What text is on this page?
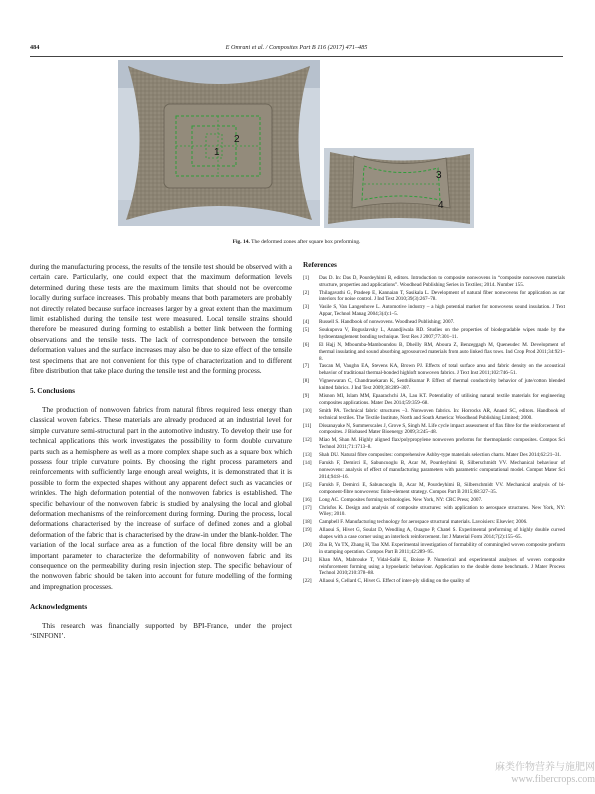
484	E Omrani et al. / Composites Part B 116 (2017) 471–485
1
2
3
4
Fig. 14. The deformed zones after square box preforming.

during the manufacturing process, the results of the tensile test should be observed with a certain care. Particularly, one could expect that the maximum deformation levels determined during these tests are the maximum limits that should not be overcome locally during surface increases. This probably means that both parameters are probably not directly related because surface increases larger by a great extent than the maximum limit established during the tensile test were measured. Local tensile strains should therefore be measured during forming to establish a better link between the forming observations and the tensile tests. The lack of correspondence between the tensile deformation values and the surface increases may also be due to size effect of the tensile test specimens that are not convenient for this type of characterization and to different fibre distribution that take place during the tensile test and the forming process.

5. Conclusions

The production of nonwoven fabrics from natural fibres required less energy than classical woven fabrics. These materials are already produced at an industrial level for simple curvature semi-structural part in the automotive industry. To develop their use for technical applications this work investigates the possibility to form double curvature parts such as a hemisphere as well as a more complex shape such as a square box which possess four triple curvature points. By choosing the right process parameters and reinforcements with sufficiently large enough areal weights, it is demonstrated that it is possible to form the expected shapes without any apparent defect such as vacancies or wrinkles. The high deformation potential of the nonwoven fabrics is established. The specific behaviour of the nonwoven fabric is studied by analysing the local and global deformation mechanisms of the reinforcement during forming. During the process, local deformations characterised by the increase of surface of defined zones and a global deformation of the fabric that is characterised by the draw-in under the blank-holder. The variation of the local surface area as a function of the local fibre density will be an important parameter to characterize the deformability of nonwoven fabric and its consequence on the permeability during resin injection step. The specific behaviour of the nonwoven fabric should be taken into account for future modelling of the forming and impregnation processes.

Acknowledgments

This research was financially supported by BPI-France, under the project ‘SINFONI’.

References

[1] Das D. In: Das D, Pourdeyhimi B, editors. Introduction to composite nonwovens in “composite nonwoven materials structure, properties and applications”. Woodhead Publishing Series in Textiles; 2014. Number 155.

[2] Thilagavathi G, Pradeep E, Kannaian T, Sasikala L. Development of natural fiber nonwovens for application as car interiors for noise control. J Ind Text 2010;39(3):267–78.

[3] Vasile S, Van Langenhove L. Automotive industry – a high potential market for nonwovens sound insulation. J Text Appar, Technol Manag 2004;3(4):1–5.

[4] Russell S. Handbook of nonwovens. Woodhead Publishing; 2007.

[5] Soukupova V, Boguslavsky L, Anandjiwala RD. Studies on the properties of biodegradable wipes made by the hydroentanglement bonding technique. Text Res J 2007;77:301–11.

[6] El Hajj N, Mboumba-Mamboundou B, Dheilly RM, Aboura Z, Benzeggagh M, Queneudec M. Development of thermal insulating and sound absorbing agrosourced materials from auto linked flax tows. Ind Crop Prod 2011;34:921–8.

[7] Tascan M, Vaughn EA, Stevens KA, Brown PJ. Effects of total surface area and fabric density on the acoustical behavior of traditional thermal-bonded highloft nonwoven fabrics. J Text Inst 2011;102:746–51.

[8] Vigneswaran C, Chandrasekaran K, Senthilkumar P. Effect of thermal conductivity behavior of jute/cotton blended knitted fabrics. J Ind Text 2009;38:289–307.

[9] Misnon MI, Islam MM, Epaarachchi JA, Lau KT. Potentiality of utilising natural textile materials for engineering composites applications. Mater Des 2014;59:359–68.

[10] Smith PA. Technical fabric structures –3. Nonwoven fabrics. In: Horrocks AR, Anand SC, editors. Handbook of technical textiles. The Textile Institute, North and South America: Woodhead Publishing Limited; 2000.

[11] Dissanayake N, Summerscales J, Grove S, Singh M. Life cycle impact assessment of flax fibre for the reinforcement of composites. J Biobased Mater Bioenergy 2009;3:245–48.

[12] Miao M, Shan M. Highly aligned flax/polypropylene nonwoven preforms for thermoplastic composites. Compos Sci Technol 2011;71:1713–8.

[13] Shah DU. Natural fibre composites: comprehensive Ashby-type materials selection charts. Mater Des 2014;62:21–31.

[14] Farukh F, Demirci E, Sabuncuoglu B, Acar M, Pourdeyhimi B, Silberschmidt VV. Mechanical behaviour of nonwovens: analysis of effect of manufacturing parameters with parametric computational model. Comput Mater Sci 2014;94:8–16.

[15] Farukh F, Demirci E, Sabuncuoglu B, Acar M, Pourdeyhimi B, Silberschmidt VV. Mechanical analysis of bi-component-fibre nonwovens: finite-element strategy. Compos Part B 2015;68:327–35.

[16] Long AC. Composites forming technologies. New York, NY: CRC Press; 2007.

[17] Chrisfos K. Design and analysis of composite structures: with application to aerospace structures. New York, NY: Wiley; 2010.

[18] Campbell F. Manufacturing technology for aerospace structural materials. Lavoisiers: Elsevier; 2006.

[19] Allaoui S, Hivet G, Soulat D, Wendling A, Ouagne P, Chatel S. Experimental preforming of highly double curved shapes with a case corner using an interlock reinforcement. Int J Material Form 2014;7(2):155–65.

[20] Zhu B, Yu TX, Zhang H, Tao XM. Experimental investigation of formability of commingled woven composite preform in stamping operation. Compos Part B 2011;42:289–95.

[21] Khan MA, Mabrouke T, Vidal-Sallé E, Boisse P. Numerical and experimental analyses of woven composite reinforcement forming using a hypoelastic behaviour. Application to the double dome benchmark. J Mater Process Technol 2010;210:378–88.

[22] Allaoui S, Cellard C, Hivet G. Effect of inter-ply sliding on the quality of

麻类作物营养与施肥网
www.fibercrops.com
